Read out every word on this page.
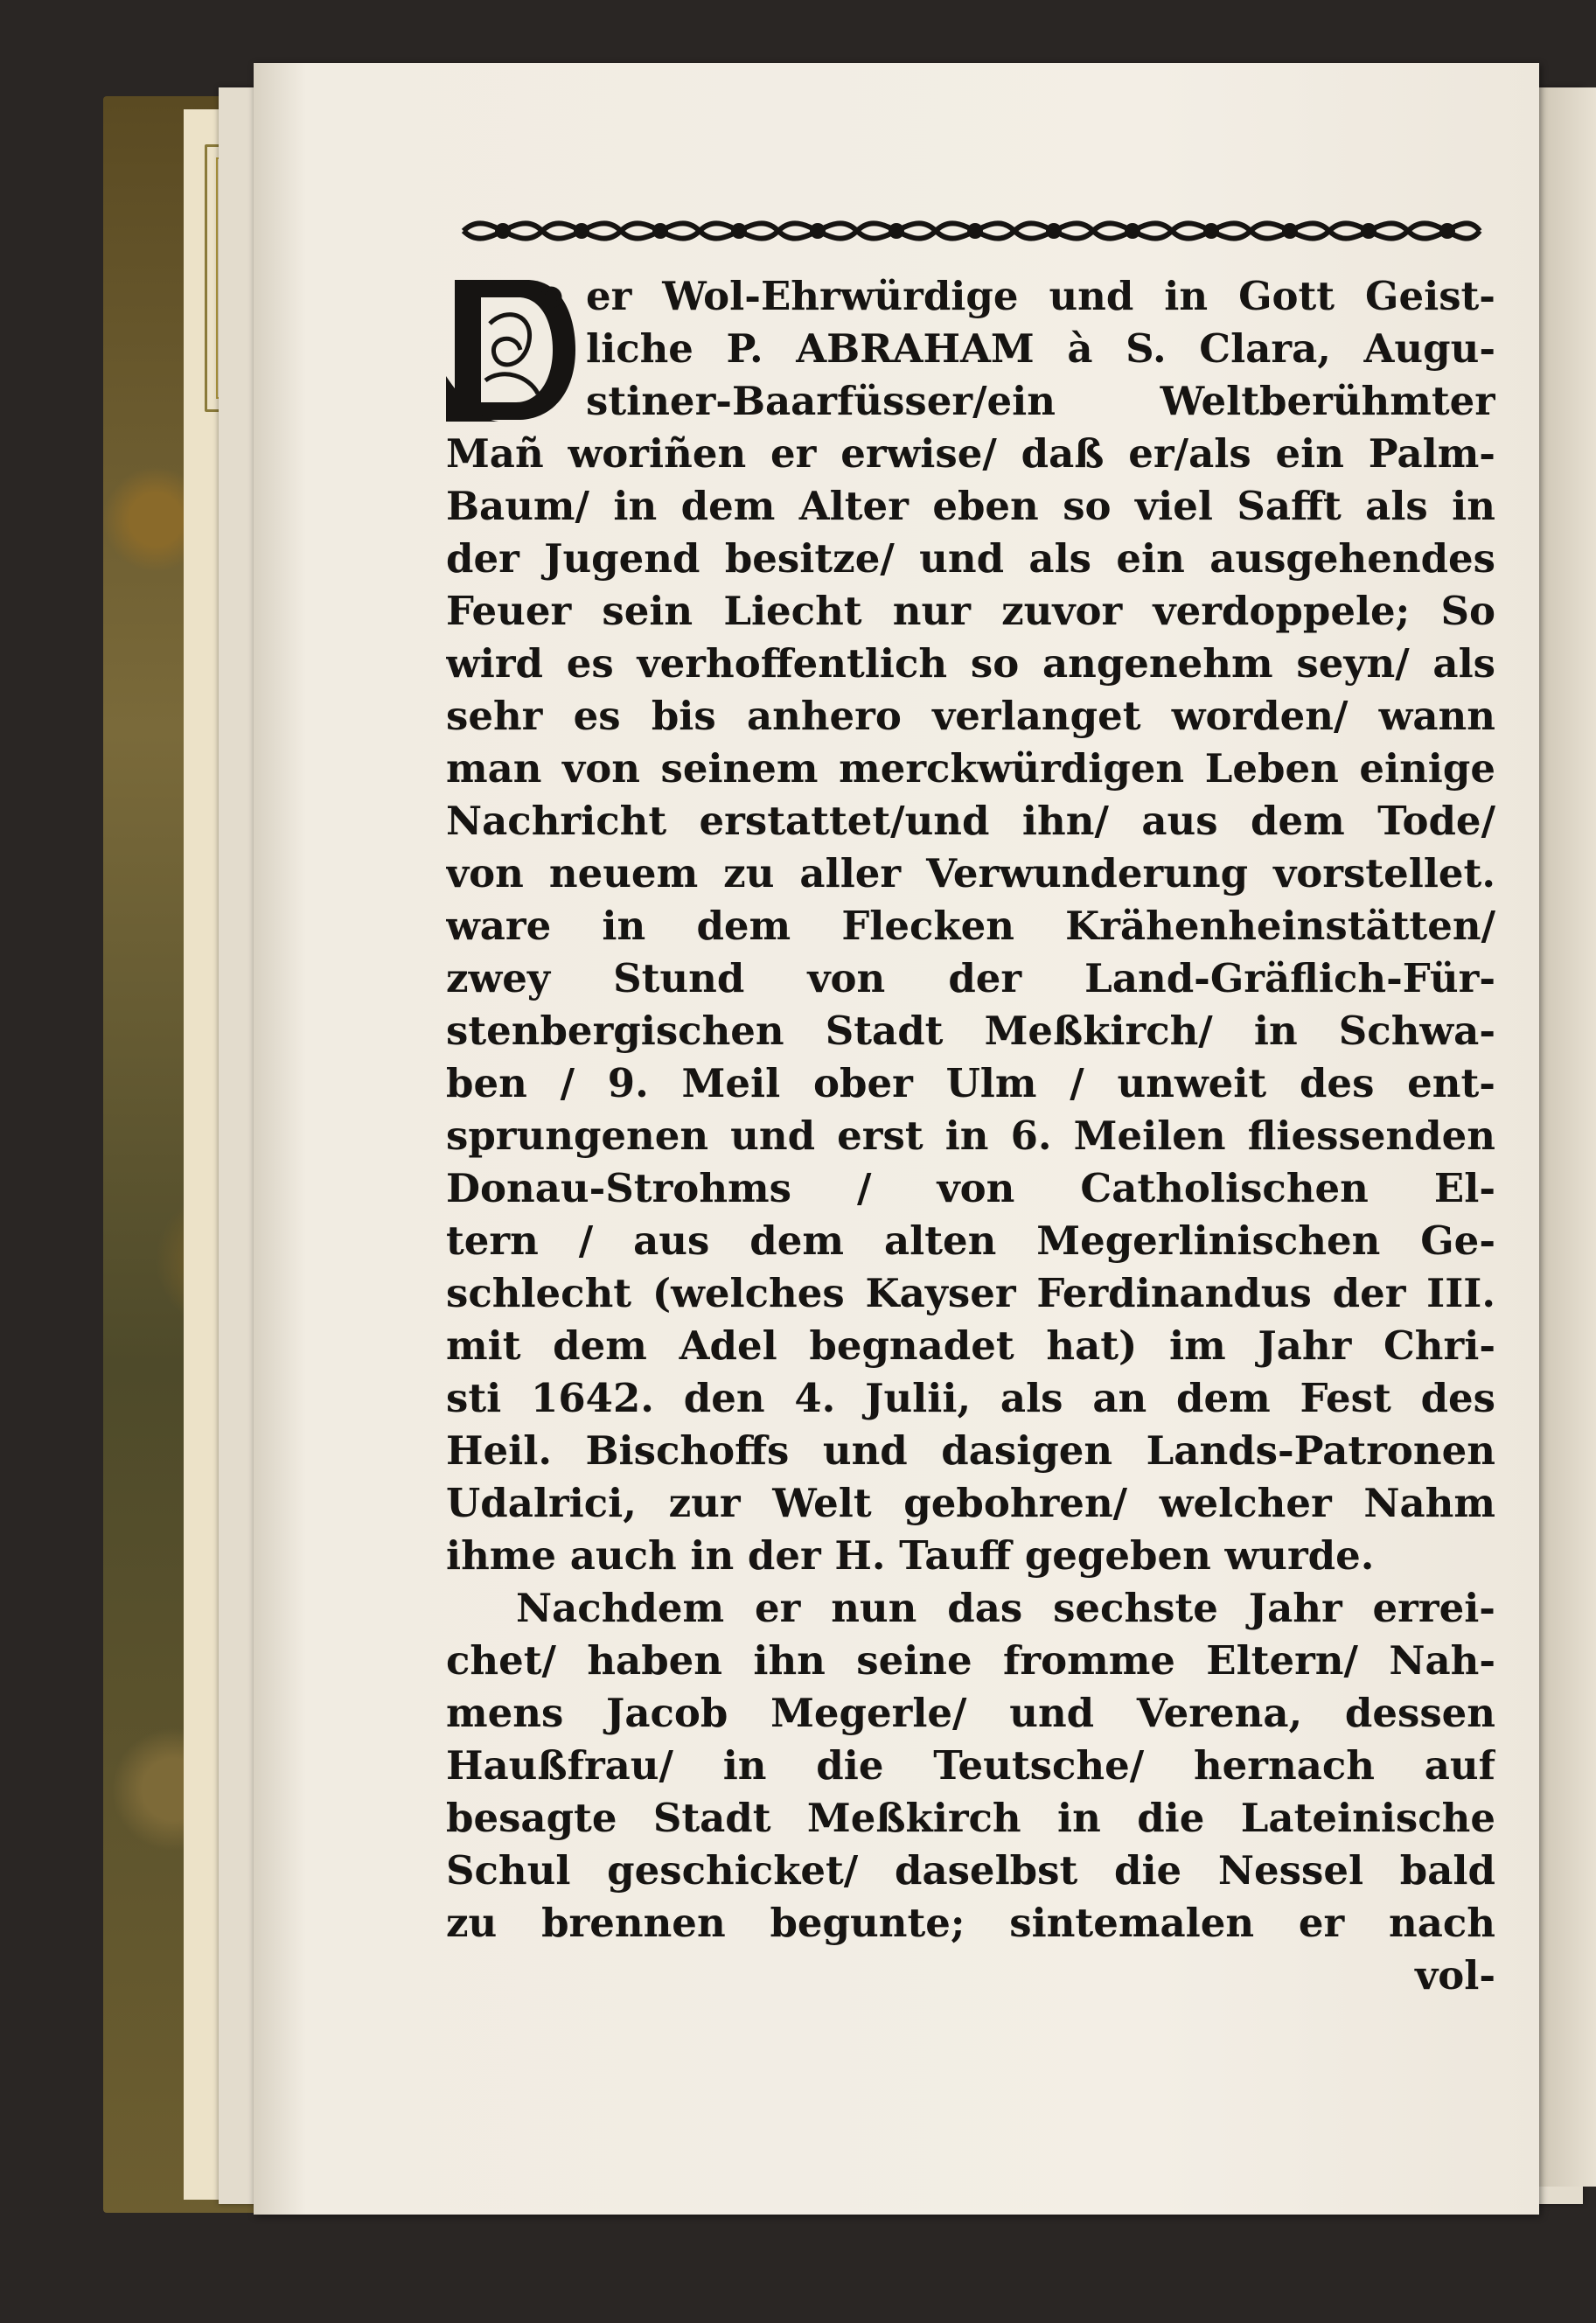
er Wol-Ehrwürdige und in Gott Geist-
liche P. ABRAHAM à S. Clara, Augu-
stiner-Baarfüsser/ein Weltberühmter
Mañ woriñen er erwise/ daß er/als ein Palm-
Baum/ in dem Alter eben so viel Safft als in
der Jugend besitze/ und als ein ausgehendes
Feuer sein Liecht nur zuvor verdoppele; So
wird es verhoffentlich so angenehm seyn/ als
sehr es bis anhero verlanget worden/ wann
man von seinem merckwürdigen Leben einige
Nachricht erstattet/und ihn/ aus dem Tode/
von neuem zu aller Verwunderung vorstellet.
ware in dem Flecken Krähenheinstätten/
zwey Stund von der Land-Gräflich-Für-
stenbergischen Stadt Meßkirch/ in Schwa-
ben / 9. Meil ober Ulm / unweit des ent-
sprungenen und erst in 6. Meilen fliessenden
Donau-Strohms / von Catholischen El-
tern / aus dem alten Megerlinischen Ge-
schlecht (welches Kayser Ferdinandus der III.
mit dem Adel begnadet hat) im Jahr Chri-
sti 1642. den 4. Julii, als an dem Fest des
Heil. Bischoffs und dasigen Lands-Patronen
Udalrici, zur Welt gebohren/ welcher Nahm
ihme auch in der H. Tauff gegeben wurde.
Nachdem er nun das sechste Jahr errei-
chet/ haben ihn seine fromme Eltern/ Nah-
mens Jacob Megerle/ und Verena, dessen
Haußfrau/ in die Teutsche/ hernach auf
besagte Stadt Meßkirch in die Lateinische
Schul geschicket/ daselbst die Nessel bald
zu brennen begunte; sintemalen er nach
vol-
